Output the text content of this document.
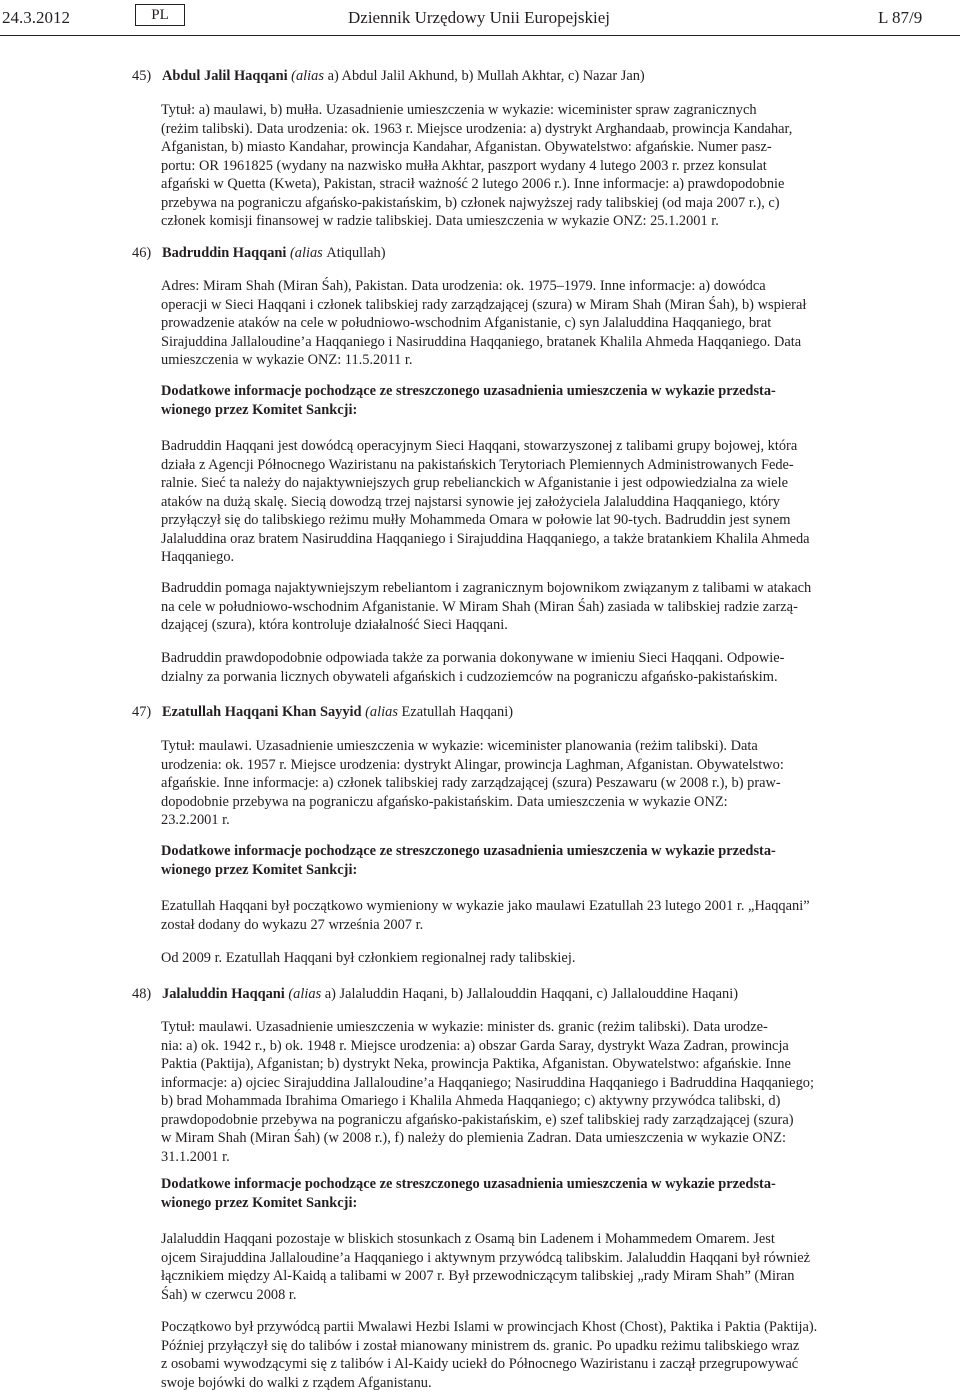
24.3.2012	PL	Dziennik Urzędowy Unii Europejskiej	L 87/9
45) Abdul Jalil Haqqani (alias a) Abdul Jalil Akhund, b) Mullah Akhtar, c) Nazar Jan)
Tytuł: a) maulawi, b) mułła. Uzasadnienie umieszczenia w wykazie: wiceminister spraw zagranicznych
(reżim talibski). Data urodzenia: ok. 1963 r. Miejsce urodzenia: a) dystrykt Arghandaab, prowincja Kandahar,
Afganistan, b) miasto Kandahar, prowincja Kandahar, Afganistan. Obywatelstwo: afgańskie. Numer pasz-
portu: OR 1961825 (wydany na nazwisko mułła Akhtar, paszport wydany 4 lutego 2003 r. przez konsulat
afgański w Quetta (Kweta), Pakistan, stracił ważność 2 lutego 2006 r.). Inne informacje: a) prawdopodobnie
przebywa na pograniczu afgańsko-pakistańskim, b) członek najwyższej rady talibskiej (od maja 2007 r.), c)
członek komisji finansowej w radzie talibskiej. Data umieszczenia w wykazie ONZ: 25.1.2001 r.
46) Badruddin Haqqani (alias Atiqullah)
Adres: Miram Shah (Miran Śah), Pakistan. Data urodzenia: ok. 1975–1979. Inne informacje: a) dowódca
operacji w Sieci Haqqani i członek talibskiej rady zarządzającej (szura) w Miram Shah (Miran Śah), b) wspierał
prowadzenie ataków na cele w południowo-wschodnim Afganistanie, c) syn Jalaluddina Haqqaniego, brat
Sirajuddina Jallaloudine’a Haqqaniego i Nasiruddina Haqqaniego, bratanek Khalila Ahmeda Haqqaniego. Data
umieszczenia w wykazie ONZ: 11.5.2011 r.
Dodatkowe informacje pochodzące ze streszczonego uzasadnienia umieszczenia w wykazie przedsta-
wionego przez Komitet Sankcji:
Badruddin Haqqani jest dowódcą operacyjnym Sieci Haqqani, stowarzyszonej z talibami grupy bojowej, która
działa z Agencji Północnego Waziristanu na pakistańskich Terytoriach Plemiennych Administrowanych Fede-
ralnie. Sieć ta należy do najaktywniejszych grup rebelianckich w Afganistanie i jest odpowiedzialna za wiele
ataków na dużą skalę. Siecią dowodzą trzej najstarsi synowie jej założyciela Jalaluddina Haqqaniego, który
przyłączył się do talibskiego reżimu mułły Mohammeda Omara w połowie lat 90-tych. Badruddin jest synem
Jalaluddina oraz bratem Nasiruddina Haqqaniego i Sirajuddina Haqqaniego, a także bratankiem Khalila Ahmeda
Haqqaniego.
Badruddin pomaga najaktywniejszym rebeliantom i zagranicznym bojownikom związanym z talibami w atakach
na cele w południowo-wschodnim Afganistanie. W Miram Shah (Miran Śah) zasiada w talibskiej radzie zarzą-
dzającej (szura), która kontroluje działalność Sieci Haqqani.
Badruddin prawdopodobnie odpowiada także za porwania dokonywane w imieniu Sieci Haqqani. Odpowie-
dzialny za porwania licznych obywateli afgańskich i cudzoziemców na pograniczu afgańsko-pakistańskim.
47) Ezatullah Haqqani Khan Sayyid (alias Ezatullah Haqqani)
Tytuł: maulawi. Uzasadnienie umieszczenia w wykazie: wiceminister planowania (reżim talibski). Data
urodzenia: ok. 1957 r. Miejsce urodzenia: dystrykt Alingar, prowincja Laghman, Afganistan. Obywatelstwo:
afgańskie. Inne informacje: a) członek talibskiej rady zarządzającej (szura) Peszawaru (w 2008 r.), b) praw-
dopodobnie przebywa na pograniczu afgańsko-pakistańskim. Data umieszczenia w wykazie ONZ:
23.2.2001 r.
Dodatkowe informacje pochodzące ze streszczonego uzasadnienia umieszczenia w wykazie przedsta-
wionego przez Komitet Sankcji:
Ezatullah Haqqani był początkowo wymieniony w wykazie jako maulawi Ezatullah 23 lutego 2001 r. „Haqqani”
został dodany do wykazu 27 września 2007 r.
Od 2009 r. Ezatullah Haqqani był członkiem regionalnej rady talibskiej.
48) Jalaluddin Haqqani (alias a) Jalaluddin Haqani, b) Jallalouddin Haqqani, c) Jallalouddine Haqani)
Tytuł: maulawi. Uzasadnienie umieszczenia w wykazie: minister ds. granic (reżim talibski). Data urodze-
nia: a) ok. 1942 r., b) ok. 1948 r. Miejsce urodzenia: a) obszar Garda Saray, dystrykt Waza Zadran, prowincja
Paktia (Paktija), Afganistan; b) dystrykt Neka, prowincja Paktika, Afganistan. Obywatelstwo: afgańskie. Inne
informacje: a) ojciec Sirajuddina Jallaloudine’a Haqqaniego; Nasiruddina Haqqaniego i Badruddina Haqqaniego;
b) brad Mohammada Ibrahima Omariego i Khalila Ahmeda Haqqaniego; c) aktywny przywódca talibski, d)
prawdopodobnie przebywa na pograniczu afgańsko-pakistańskim, e) szef talibskiej rady zarządzającej (szura)
w Miram Shah (Miran Śah) (w 2008 r.), f) należy do plemienia Zadran. Data umieszczenia w wykazie ONZ:
31.1.2001 r.
Dodatkowe informacje pochodzące ze streszczonego uzasadnienia umieszczenia w wykazie przedsta-
wionego przez Komitet Sankcji:
Jalaluddin Haqqani pozostaje w bliskich stosunkach z Osamą bin Ladenem i Mohammedem Omarem. Jest
ojcem Sirajuddina Jallaloudine’a Haqqaniego i aktywnym przywódcą talibskim. Jalaluddin Haqqani był również
łącznikiem między Al-Kaidą a talibami w 2007 r. Był przewodniczącym talibskiej „rady Miram Shah” (Miran
Śah) w czerwcu 2008 r.
Początkowo był przywódcą partii Mwalawi Hezbi Islami w prowincjach Khost (Chost), Paktika i Paktia (Paktija).
Później przyłączył się do talibów i został mianowany ministrem ds. granic. Po upadku reżimu talibskiego wraz
z osobami wywodzącymi się z talibów i Al-Kaidy uciekł do Północnego Waziristanu i zaczął przegrupowywać
swoje bojówki do walki z rządem Afganistanu.
